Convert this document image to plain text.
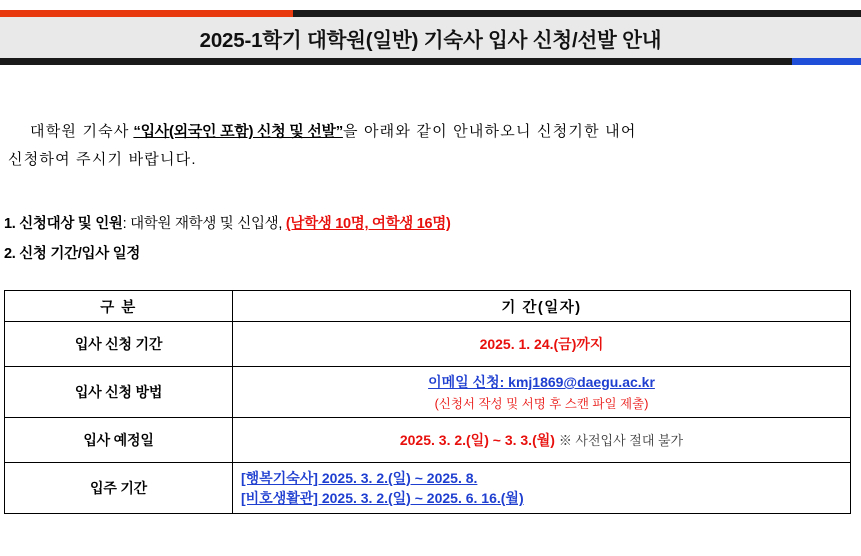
2025-1학기 대학원(일반) 기숙사 입사 신청/선발 안내
대학원 기숙사 “입사(외국인 포함) 신청 및 선발”을 아래와 같이 안내하오니 신청기한 내어
신청하여 주시기 바랍니다.
1. 신청대상 및 인원: 대학원 재학생 및 신입생, (남학생 10명, 여학생 16명)
2. 신청 기간/입사 일정
구 분	기 간(일자)
입사 신청 기간	2025. 1. 24.(금)까지
입사 신청 방법	이메일 신청: kmj1869@daegu.ac.kr
(신청서 작성 및 서명 후 스캔 파일 제출)

입사 예정일	2025. 3. 2.(일) ~ 3. 3.(월) ※ 사전입사 절대 불가
입주 기간	[행복기숙사] 2025. 3. 2.(일) ~ 2025. 8.
[비호생활관] 2025. 3. 2.(일) ~ 2025. 6. 16.(월)
